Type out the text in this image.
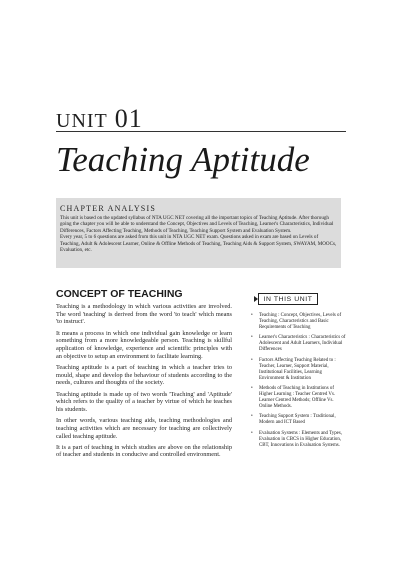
UNIT 01
Teaching Aptitude
CHAPTER ANALYSIS

This unit is based on the updated syllabus of NTA UGC NET covering all the important topics of Teaching Aptitude. After thorough going the chapter you will be able to understand the Concept, Objectives and Levels of Teaching, Learner's Characteristics, Individual Differences, Factors Affecting Teaching, Methods of Teaching, Teaching Support System and Evaluation System.

Every year, 5 to 6 questions are asked from this unit in NTA UGC NET exam. Questions asked in exam are based on Levels of Teaching, Adult & Adolescent Learner, Online & Offline Methods of Teaching, Teaching Aids & Support System, SWAYAM, MOOCs, Evaluation, etc.

CONCEPT OF TEACHING

Teaching is a methodology in which various activities are involved. The word 'teaching' is derived from the word 'to teach' which means 'to instruct'.

It means a process in which one individual gain knowledge or learn something from a more knowledgeable person. Teaching is skillful application of knowledge, experience and scientific principles with an objective to setup an environment to facilitate learning.

Teaching aptitude is a part of teaching in which a teacher tries to mould, shape and develop the behaviour of students according to the needs, cultures and thoughts of the society.

Teaching aptitude is made up of two words 'Teaching' and 'Aptitude' which refers to the quality of a teacher by virtue of which he teaches his students.

In other words, various teaching aids, teaching methodologies and teaching activities which are necessary for teaching are collectively called teaching aptitude.

It is a part of teaching in which studies are above on the relationship of teacher and students in conducive and controlled environment.

IN THIS UNIT
• Teaching : Concept, Objectives, Levels of Teaching, Characteristics and Basic Requirements of Teaching
• Learner's Characteristics : Characteristics of Adolescent and Adult Learners, Individual Differences
• Factors Affecting Teaching Related to : Teacher, Learner, Support Material, Institutional Facilities, Learning Environment & Institution
• Methods of Teaching in Institutions of Higher Learning : Teacher Centred Vs. Learner Centred Methods; Offline Vs. Online Methods.
• Teaching Support System : Traditional, Modern and ICT Based
• Evaluation Systems : Elements and Types, Evaluation in CBCS in Higher Education, CBT, Innovations in Evaluation Systems.
